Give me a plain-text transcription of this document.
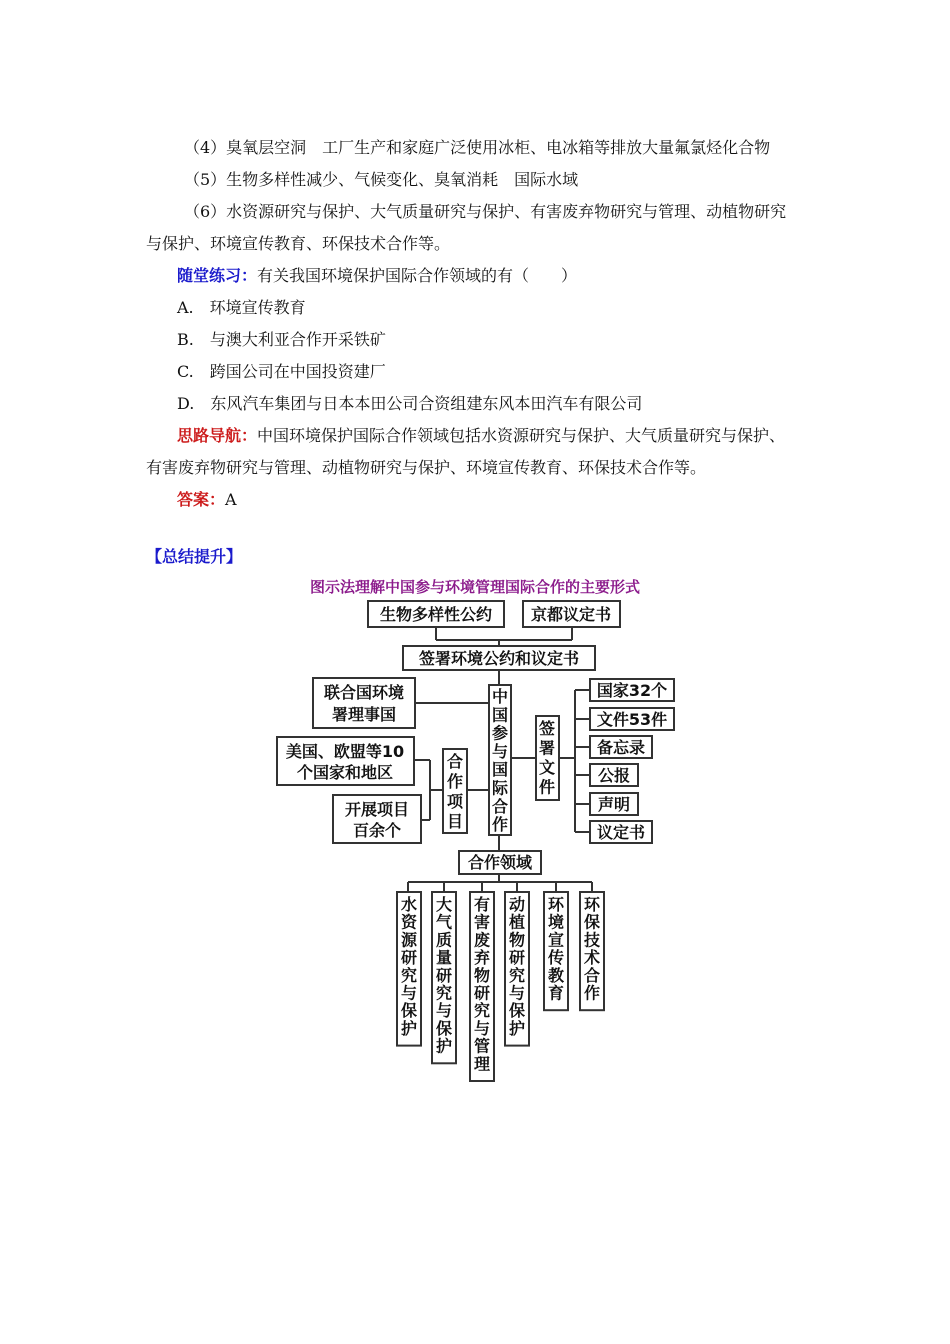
（4）臭氧层空洞　工厂生产和家庭广泛使用冰柜、电冰箱等排放大量氟氯烃化合物
（5）生物多样性减少、气候变化、臭氧消耗　国际水域
（6）水资源研究与保护、大气质量研究与保护、有害废弃物研究与管理、动植物研究
与保护、环境宣传教育、环保技术合作等。
随堂练习：有关我国环境保护国际合作领域的有（　　）
A.　环境宣传教育
B.　与澳大利亚合作开采铁矿
C.　跨国公司在中国投资建厂
D.　东风汽车集团与日本本田公司合资组建东风本田汽车有限公司
思路导航：中国环境保护国际合作领域包括水资源研究与保护、大气质量研究与保护、
有害废弃物研究与管理、动植物研究与保护、环境宣传教育、环保技术合作等。
答案：A
【总结提升】
图示法理解中国参与环境管理国际合作的主要形式
生物多样性公约 京都议定书
签署环境公约和议定书
联合国环境
署理事国
中
国
参
与
国
际
合
作
美国、欧盟等10
个国家和地区
合
作
项
目
开展项目
百余个
签
署
文
件
国家32个
文件53件
备忘录
公报
声明
议定书
合作领域
水
资
源
研
究
与
保
护
大
气
质
量
研
究
与
保
护
有
害
废
弃
物
研
究
与
管
理
动
植
物
研
究
与
保
护
环
境
宣
传
教
育
环
保
技
术
合
作
